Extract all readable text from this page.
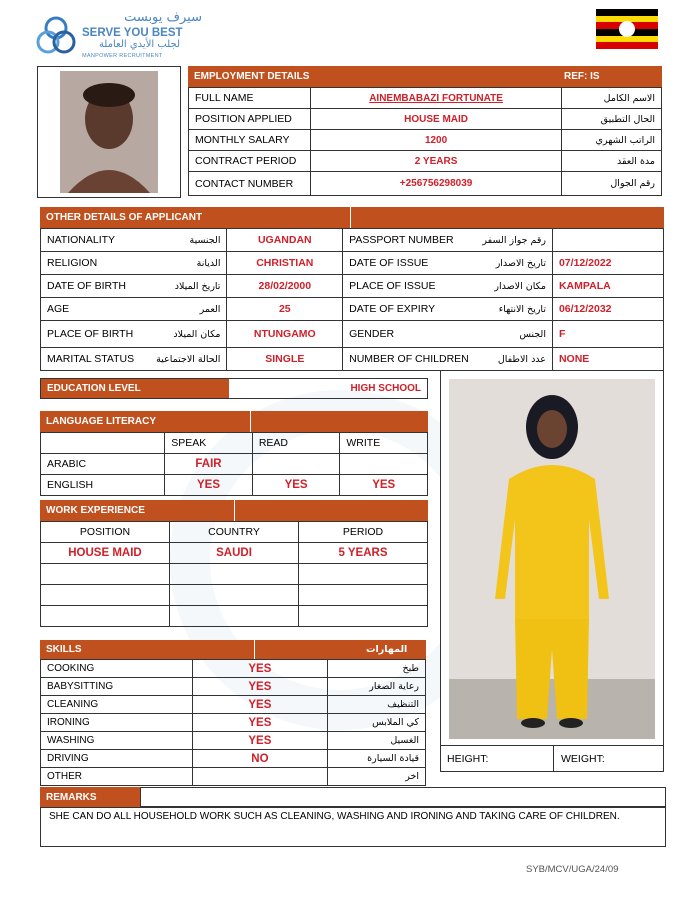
سيرف يوبست
SERVE YOU BEST
لجلب الأيدي العاملة
MANPOWER RECRUITMENT
EMPLOYMENT DETAILS	REF: IS
FULL NAME	AINEMBABAZI FORTUNATE	الاسم الكامل
POSITION APPLIED	HOUSE MAID	الحال التطبيق
MONTHLY SALARY	1200	الراتب الشهري
CONTRACT PERIOD	2 YEARS	مدة العقد
CONTACT NUMBER	+256756298039	رقم الجوال
OTHER DETAILS OF APPLICANT
NATIONALITY	الجنسية	UGANDAN	PASSPORT NUMBER	رقم جواز السفر	
RELIGION	الديانة	CHRISTIAN	DATE OF ISSUE	تاريخ الاصدار	07/12/2022
DATE OF BIRTH	تاريخ الميلاد	28/02/2000	PLACE OF ISSUE	مكان الاصدار	KAMPALA
AGE	العمر	25	DATE OF EXPIRY	تاريخ الانتهاء	06/12/2032
PLACE OF BIRTH	مكان الميلاد	NTUNGAMO	GENDER	الجنس	F
MARITAL STATUS	الحالة الاجتماعية	SINGLE	NUMBER OF CHILDREN	عدد الاطفال	NONE
EDUCATION LEVEL	HIGH SCHOOL
LANGUAGE LITERACY
	SPEAK	READ	WRITE
ARABIC	FAIR		
ENGLISH	YES	YES	YES
WORK EXPERIENCE
POSITION	COUNTRY	PERIOD
HOUSE MAID	SAUDI	5 YEARS

SKILLS	المهارات
COOKING	YES	طبخ
BABYSITTING	YES	رعاية الصغار
CLEANING	YES	التنظيف
IRONING	YES	كي الملابس
WASHING	YES	الغسيل
DRIVING	NO	قيادة السيارة
OTHER		اخر
HEIGHT:	WEIGHT:
REMARKS
SHE CAN DO ALL HOUSEHOLD WORK SUCH AS CLEANING, WASHING AND IRONING AND TAKING CARE OF CHILDREN.
SYB/MCV/UGA/24/09
